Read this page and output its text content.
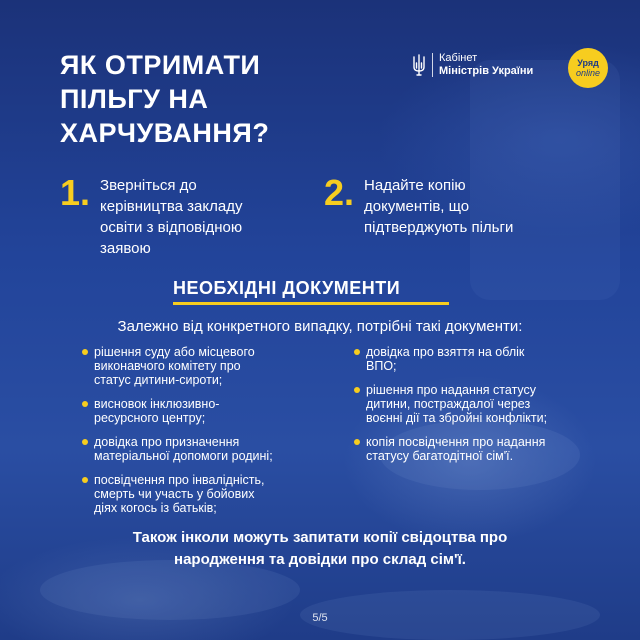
ЯК ОТРИМАТИ
ПІЛЬГУ НА
ХАРЧУВАННЯ?
Кабінет
Міністрів України
Уряд
online
1. Зверніться до
керівництва закладу
освіти з відповідною
заявою
2. Надайте копію
документів, що
підтверджують пільги
НЕОБХІДНІ ДОКУМЕНТИ

Залежно від конкретного випадку, потрібні такі документи:

рішення суду або місцевого
виконавчого комітету про
статус дитини-сироти;
висновок інклюзивно-
ресурсного центру;
довідка про призначення
матеріальної допомоги родині;
посвідчення про інвалідність,
смерть чи участь у бойових
діях когось із батьків;
довідка про взяття на облік
ВПО;
рішення про надання статусу
дитини, постраждалої через
воєнні дії та збройні конфлікти;
копія посвідчення про надання
статусу багатодітної сім'ї.

Також інколи можуть запитати копії свідоцтва про
народження та довідки про склад сім'ї.

5/5
